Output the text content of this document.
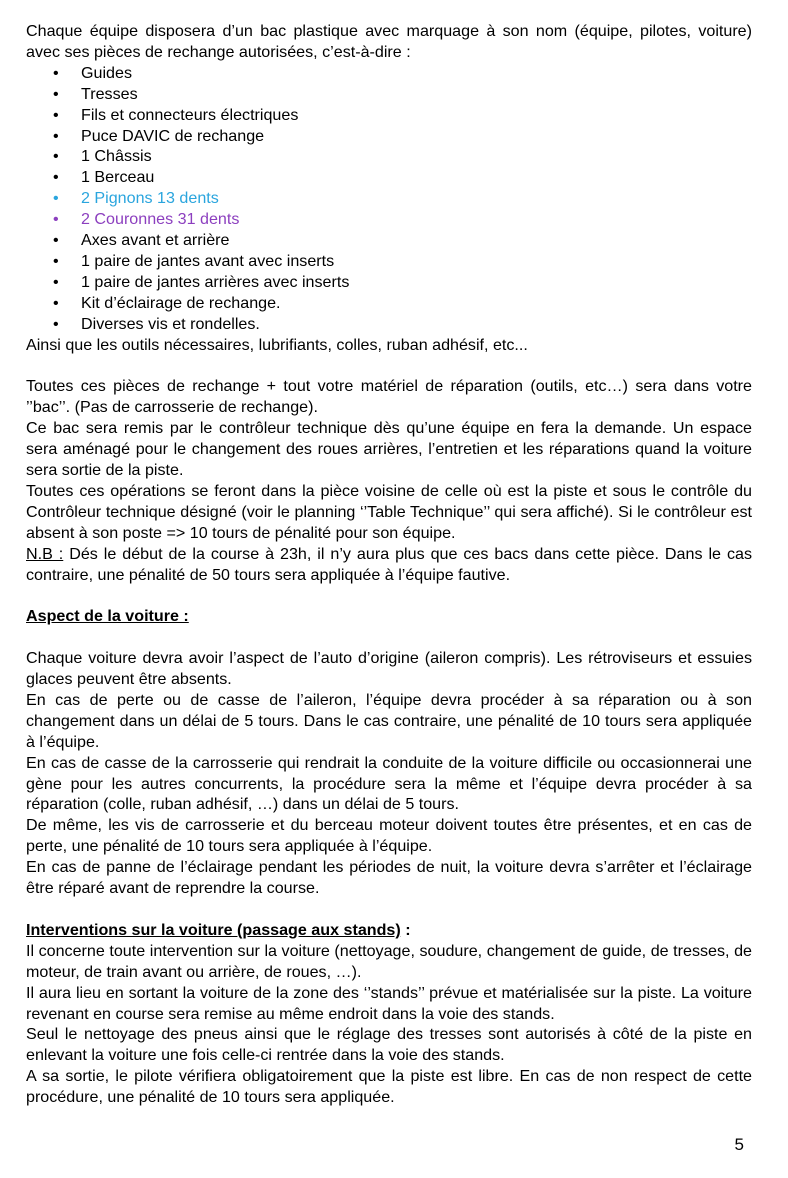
Chaque équipe disposera d’un bac plastique avec marquage à son nom (équipe, pilotes, voiture) avec ses pièces de rechange autorisées, c’est-à-dire :

• Guides
• Tresses
• Fils et connecteurs électriques
• Puce DAVIC de rechange
• 1 Châssis
• 1 Berceau
• 2 Pignons 13 dents
• 2 Couronnes 31 dents
• Axes avant et arrière
• 1 paire de jantes avant avec inserts
• 1 paire de jantes arrières avec inserts
• Kit d’éclairage de rechange.
• Diverses vis et rondelles.

Ainsi que les outils nécessaires, lubrifiants, colles, ruban adhésif, etc...

Toutes ces pièces de rechange + tout votre matériel de réparation (outils, etc…) sera dans votre ’’bac’’. (Pas de carrosserie de rechange).

Ce bac sera remis par le contrôleur technique dès qu’une équipe en fera la demande. Un espace sera aménagé pour le changement des roues arrières, l’entretien et les réparations quand la voiture sera sortie de la piste.

Toutes ces opérations se feront dans la pièce voisine de celle où est la piste et sous le contrôle du Contrôleur technique désigné (voir le planning ‘’Table Technique’’ qui sera affiché). Si le contrôleur est absent à son poste => 10 tours de pénalité pour son équipe.

N.B : Dés le début de la course à 23h, il n’y aura plus que ces bacs dans cette pièce. Dans le cas contraire, une pénalité de 50 tours sera appliquée à l’équipe fautive.

Aspect de la voiture :

Chaque voiture devra avoir l’aspect de l’auto d’origine (aileron compris). Les rétroviseurs et essuies glaces peuvent être absents.

En cas de perte ou de casse de l’aileron, l’équipe devra procéder à sa réparation ou à son changement dans un délai de 5 tours. Dans le cas contraire, une pénalité de 10 tours sera appliquée à l’équipe.

En cas de casse de la carrosserie qui rendrait la conduite de la voiture difficile ou occasionnerai une gène pour les autres concurrents, la procédure sera la même et l’équipe devra procéder à sa réparation (colle, ruban adhésif, …) dans un délai de 5 tours.

De même, les vis de carrosserie et du berceau moteur doivent toutes être présentes, et en cas de perte, une pénalité de 10 tours sera appliquée à l’équipe.

En cas de panne de l’éclairage pendant les périodes de nuit, la voiture devra s’arrêter et l’éclairage être réparé avant de reprendre la course.

Interventions sur la voiture (passage aux stands) :

Il concerne toute intervention sur la voiture (nettoyage, soudure, changement de guide, de tresses, de moteur, de train avant ou arrière, de roues, …).

Il aura lieu en sortant la voiture de la zone des ‘’stands’’ prévue et matérialisée sur la piste. La voiture revenant en course sera remise au même endroit dans la voie des stands.

Seul le nettoyage des pneus ainsi que le réglage des tresses sont autorisés à côté de la piste en enlevant la voiture une fois celle-ci rentrée dans la voie des stands.

A sa sortie, le pilote vérifiera obligatoirement que la piste est libre. En cas de non respect de cette procédure, une pénalité de 10 tours sera appliquée.

5
